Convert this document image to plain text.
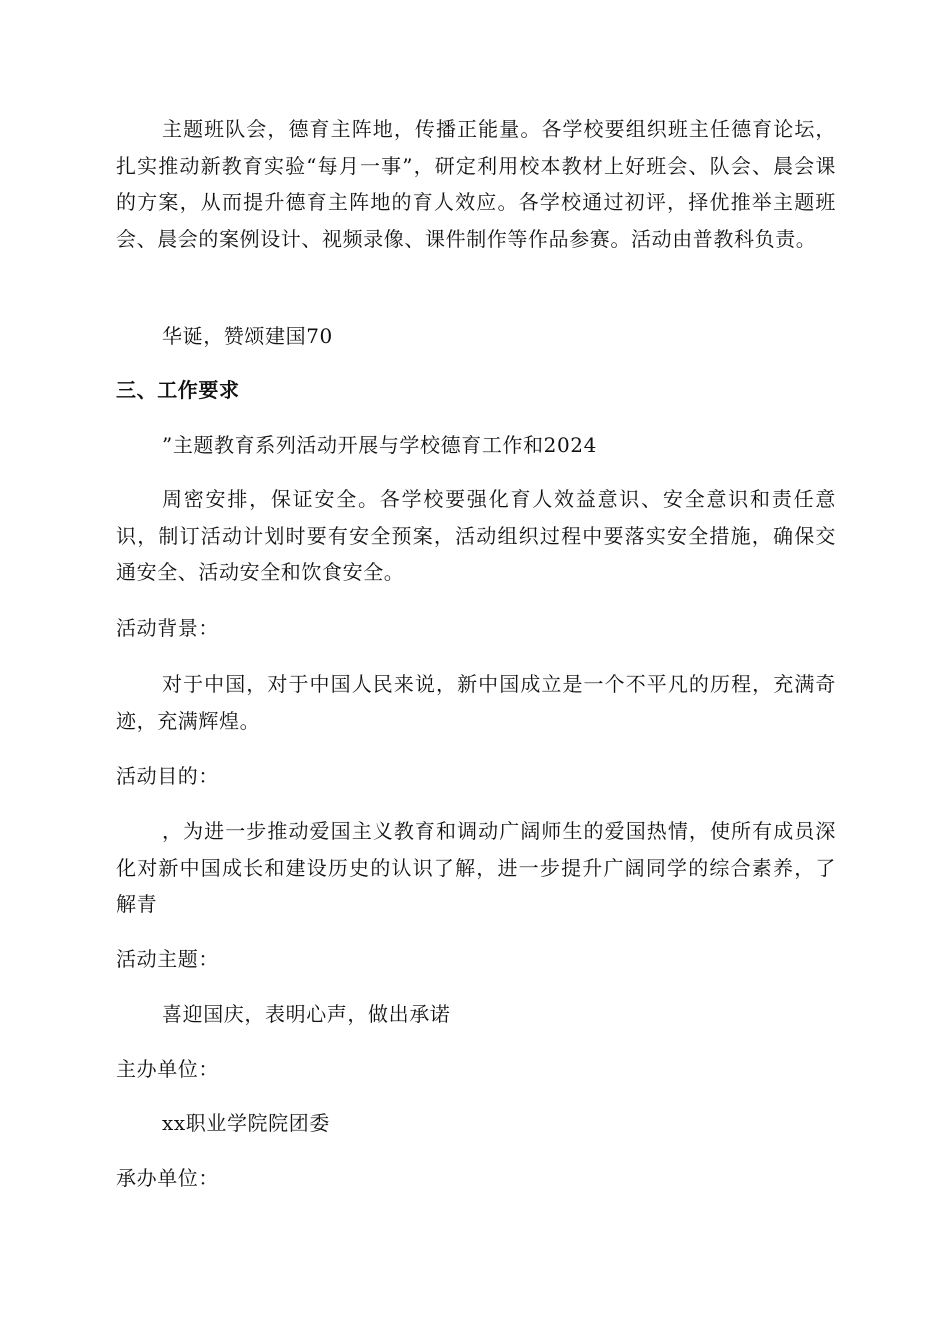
主题班队会，德育主阵地，传播正能量。各学校要组织班主任德育论坛，扎实推动新教育实验“每月一事”，研定利用校本教材上好班会、队会、晨会课的方案，从而提升德育主阵地的育人效应。各学校通过初评，择优推举主题班会、晨会的案例设计、视频录像、课件制作等作品参赛。活动由普教科负责。

华诞，赞颂建国70

三、工作要求

”主题教育系列活动开展与学校德育工作和2024

周密安排，保证安全。各学校要强化育人效益意识、安全意识和责任意识，制订活动计划时要有安全预案，活动组织过程中要落实安全措施，确保交通安全、活动安全和饮食安全。

活动背景：

对于中国，对于中国人民来说，新中国成立是一个不平凡的历程，充满奇迹，充满辉煌。

活动目的：

，为进一步推动爱国主义教育和调动广阔师生的爱国热情，使所有成员深化对新中国成长和建设历史的认识了解，进一步提升广阔同学的综合素养，了解青

活动主题：

喜迎国庆，表明心声，做出承诺

主办单位：

xx职业学院院团委

承办单位：
